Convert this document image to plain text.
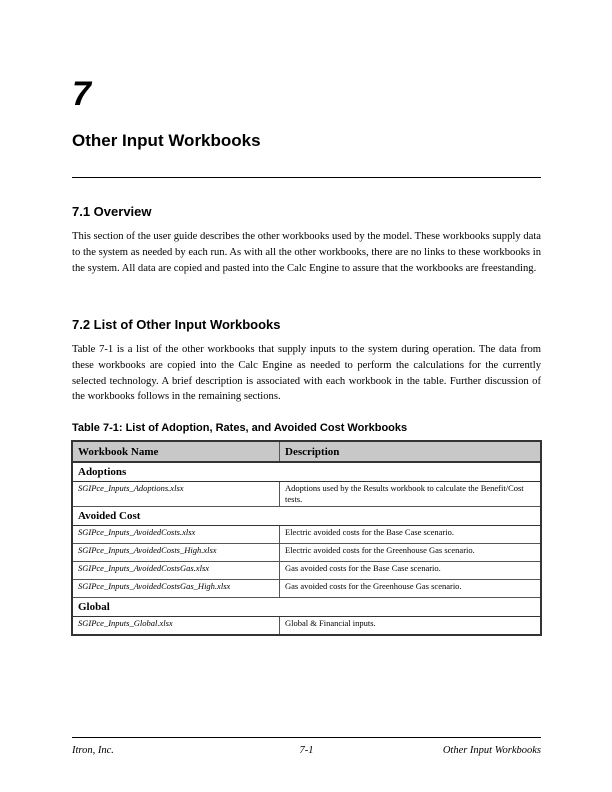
7
Other Input Workbooks
7.1 Overview
This section of the user guide describes the other workbooks used by the model. These workbooks supply data to the system as needed by each run. As with all the other workbooks, there are no links to these workbooks in the system. All data are copied and pasted into the Calc Engine to assure that the workbooks are freestanding.
7.2 List of Other Input Workbooks
Table 7-1 is a list of the other workbooks that supply inputs to the system during operation. The data from these workbooks are copied into the Calc Engine as needed to perform the calculations for the currently selected technology. A brief description is associated with each workbook in the table. Further discussion of the workbooks follows in the remaining sections.
Table 7-1: List of Adoption, Rates, and Avoided Cost Workbooks
Workbook Name	Description
Adoptions	
SGIPce_Inputs_Adoptions.xlsx	Adoptions used by the Results workbook to calculate the Benefit/Cost tests.
Avoided Cost	
SGIPce_Inputs_AvoidedCosts.xlsx	Electric avoided costs for the Base Case scenario.
SGIPce_Inputs_AvoidedCosts_High.xlsx	Electric avoided costs for the Greenhouse Gas scenario.
SGIPce_Inputs_AvoidedCostsGas.xlsx	Gas avoided costs for the Base Case scenario.
SGIPce_Inputs_AvoidedCostsGas_High.xlsx	Gas avoided costs for the Greenhouse Gas scenario.
Global	
SGIPce_Inputs_Global.xlsx	Global & Financial inputs.
Itron, Inc.	7-1	Other Input Workbooks
